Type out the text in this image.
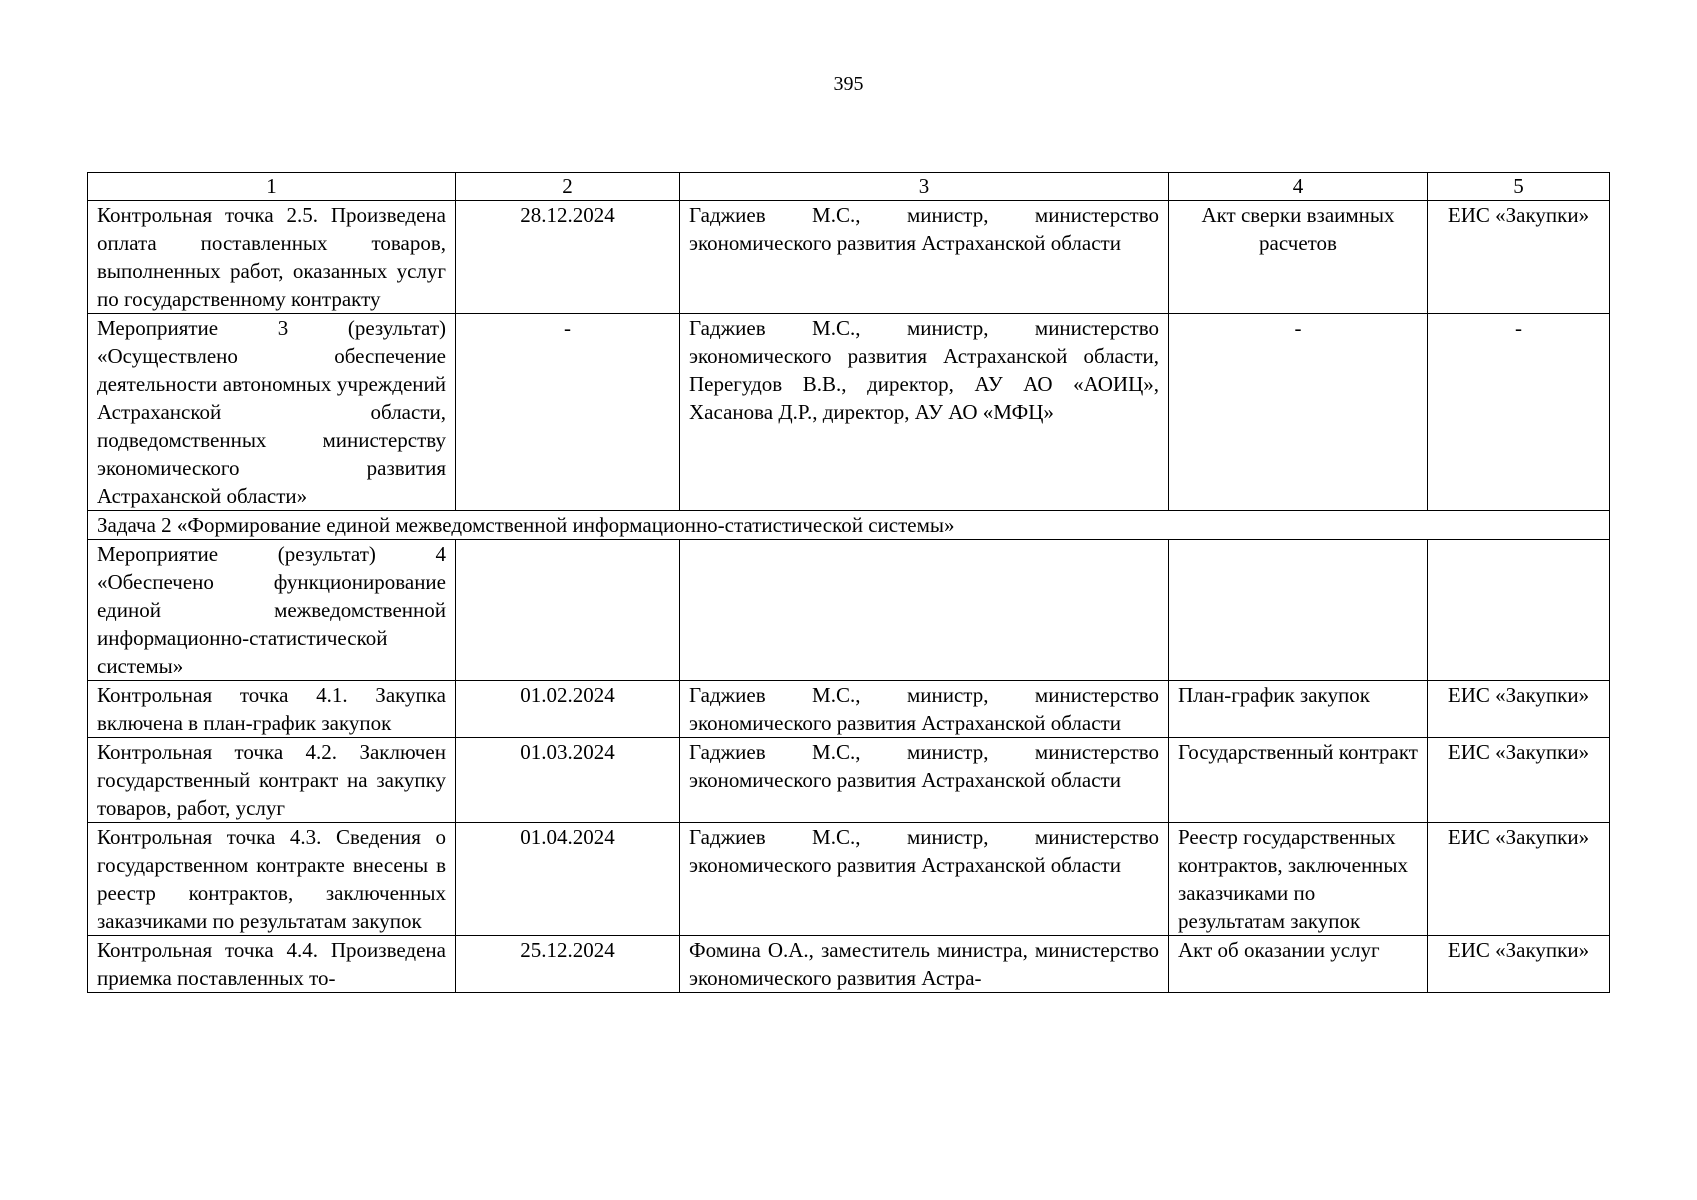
395
1	2	3	4	5
Контрольная точка 2.5. Произведена оплата поставленных товаров, выполненных работ, оказанных услуг по государственному контракту	28.12.2024	Гаджиев М.С., министр, министерство экономического развития Астраханской области	Акт сверки взаимных расчетов	ЕИС «Закупки»
Мероприятие 3 (результат) «Осуществлено обеспечение деятельности автономных учреждений Астраханской области, подведомственных министерству экономического развития Астраханской области»	-	Гаджиев М.С., министр, министерство экономического развития Астраханской области, Перегудов В.В., директор, АУ АО «АОИЦ», Хасанова Д.Р., директор, АУ АО «МФЦ»	-	-
Задача 2 «Формирование единой межведомственной информационно-статистической системы»				
Мероприятие (результат) 4 «Обеспечено функционирование единой межведомственной информационно-статистической системы»				
Контрольная точка 4.1. Закупка включена в план-график закупок	01.02.2024	Гаджиев М.С., министр, министерство экономического развития Астраханской области	План-график закупок	ЕИС «Закупки»
Контрольная точка 4.2. Заключен государственный контракт на закупку товаров, работ, услуг	01.03.2024	Гаджиев М.С., министр, министерство экономического развития Астраханской области	Государственный контракт	ЕИС «Закупки»
Контрольная точка 4.3. Сведения о государственном контракте внесены в реестр контрактов, заключенных заказчиками по результатам закупок	01.04.2024	Гаджиев М.С., министр, министерство экономического развития Астраханской области	Реестр государственных контрактов, заключенных заказчиками по результатам закупок	ЕИС «Закупки»
Контрольная точка 4.4. Произведена приемка поставленных то-	25.12.2024	Фомина О.А., заместитель министра, министерство экономического развития Астра-	Акт об оказании услуг	ЕИС «Закупки»
